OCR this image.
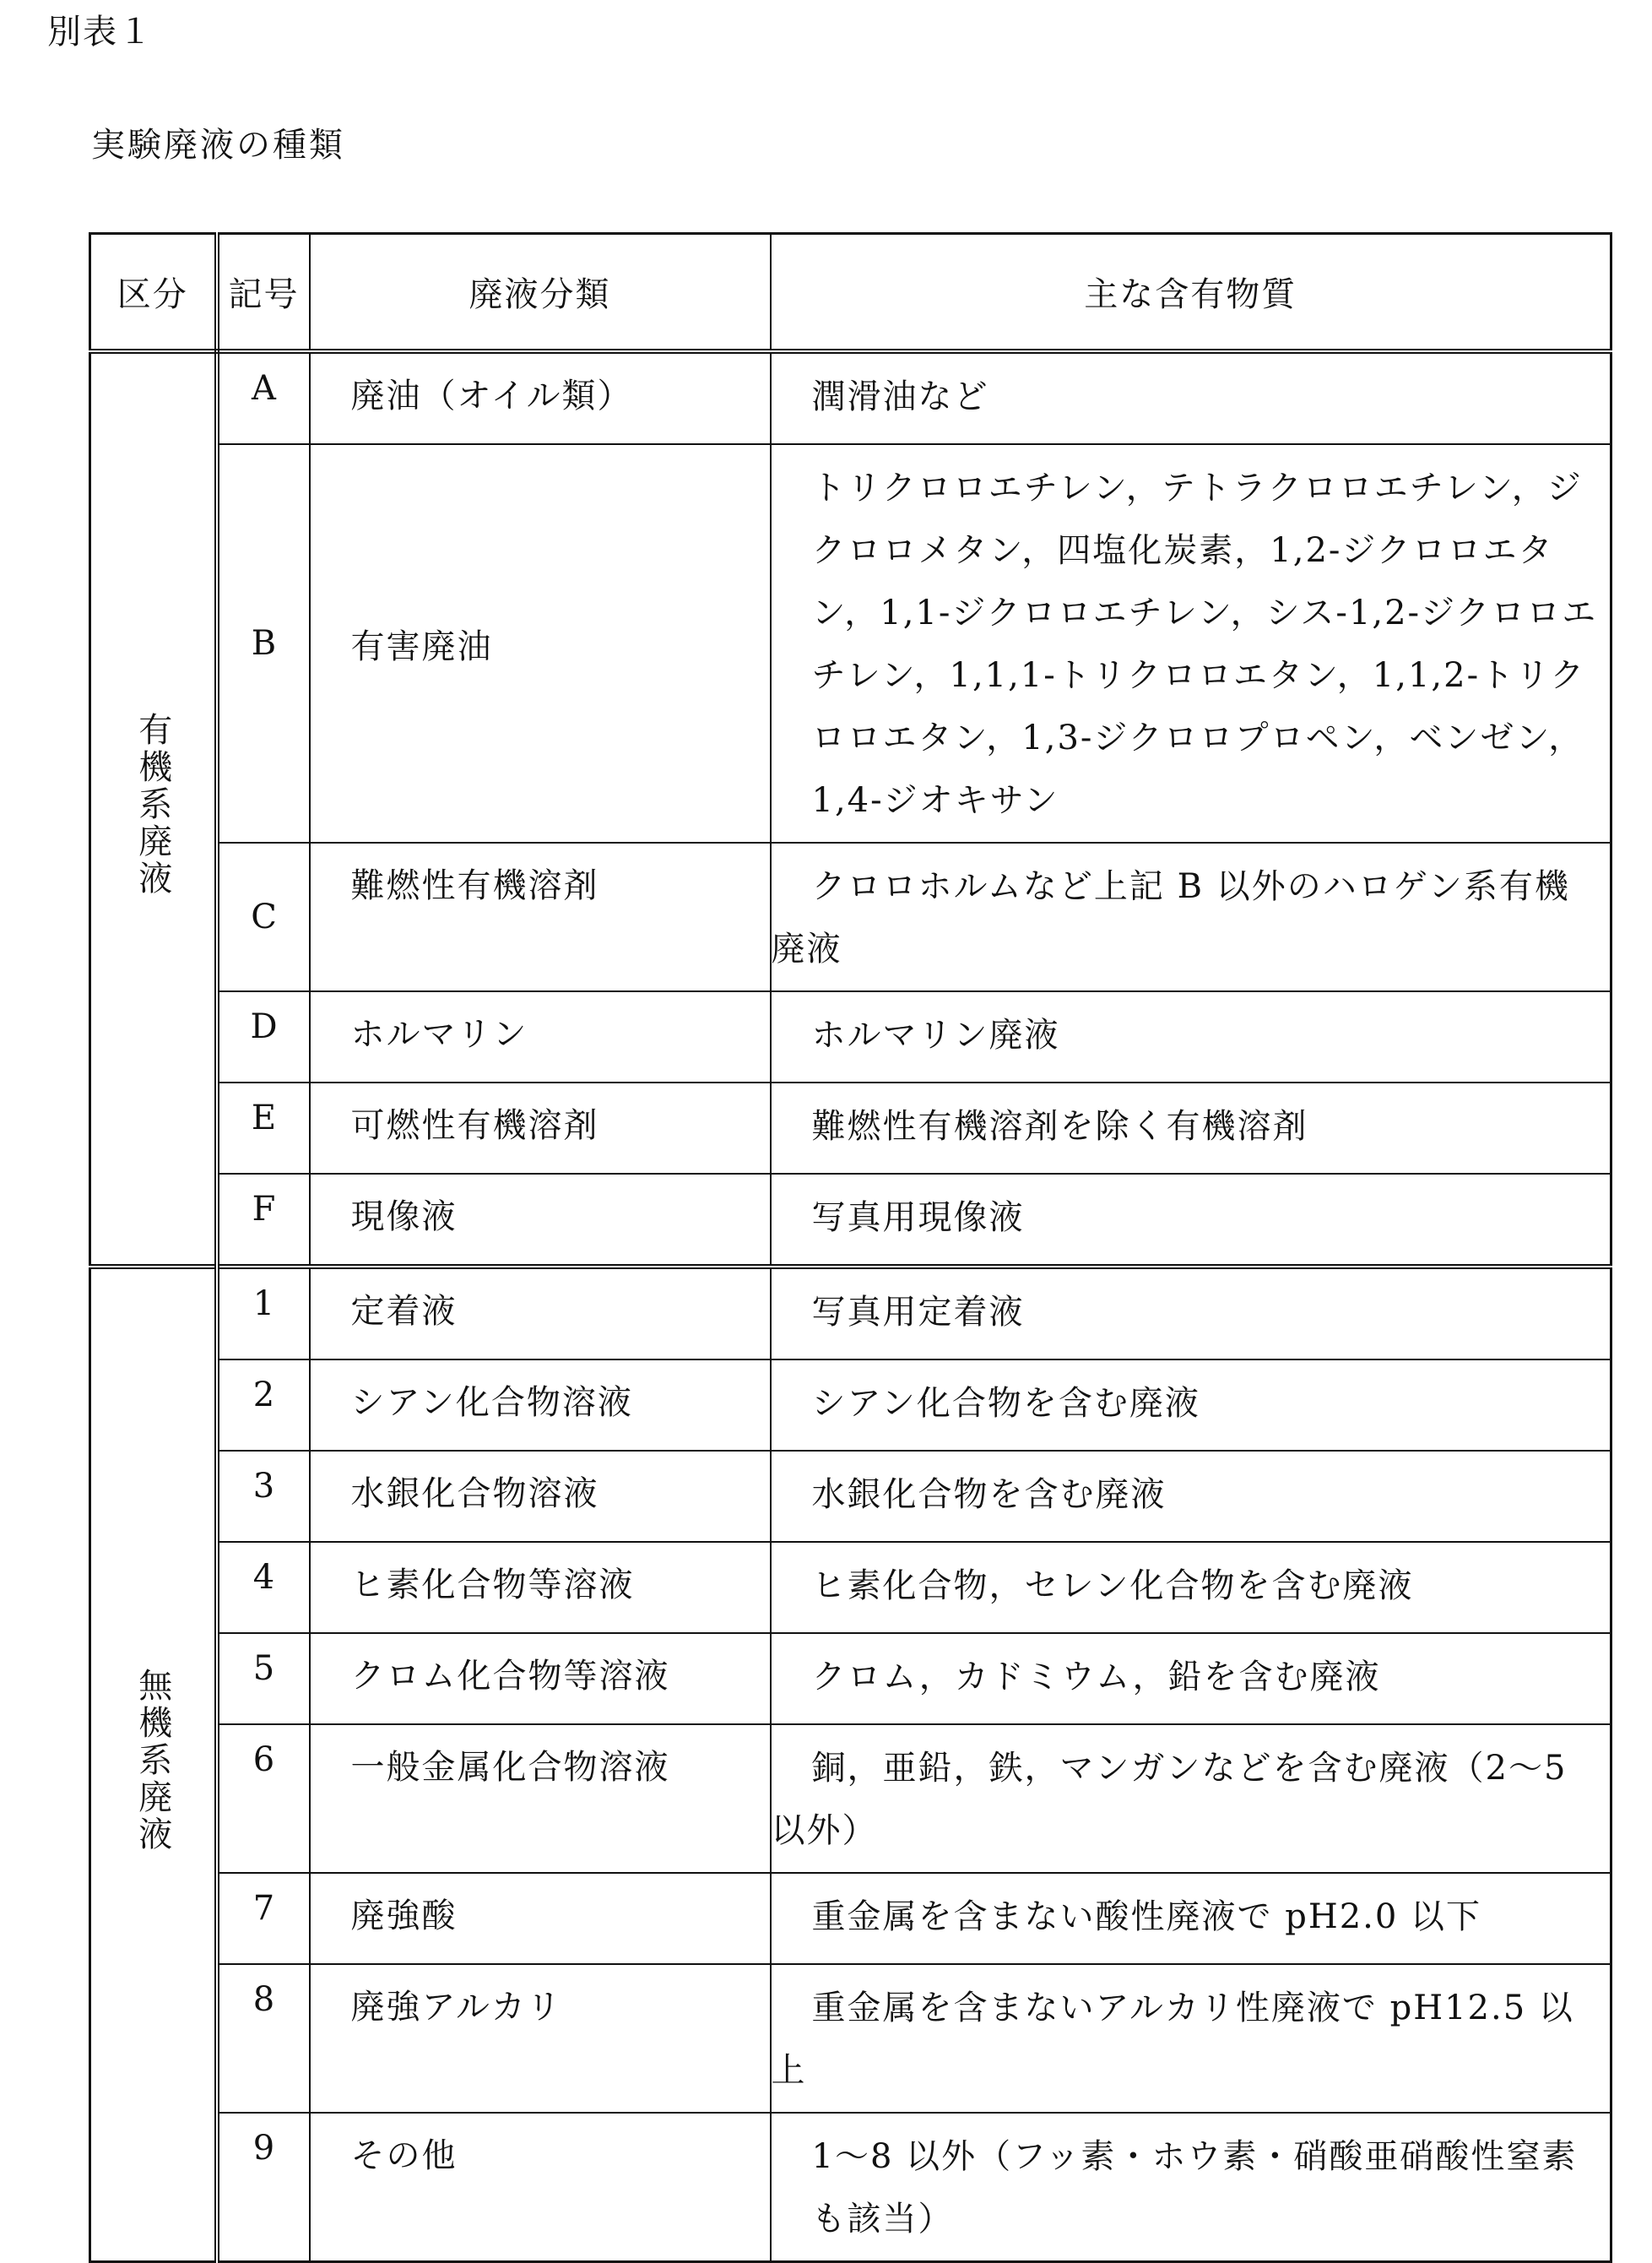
別表１
実験廃液の種類
区分	記号	廃液分類	主な含有物質
有機系廃液	A	廃油（オイル類）	潤滑油など

	B	有害廃油	トリクロロエチレン，テトラクロロエチレン，ジクロロメタン，四塩化炭素，1,2-ジクロロエタン，1,1-ジクロロエチレン，シス-1,2-ジクロロエチレン，1,1,1-トリクロロエタン，1,1,2-トリクロロエタン，1,3-ジクロロプロペン，ベンゼン，1,4-ジオキサン

	C	難燃性有機溶剤	クロロホルムなど上記 B 以外のハロゲン系有機廃液

	D	ホルマリン	ホルマリン廃液

	E	可燃性有機溶剤	難燃性有機溶剤を除く有機溶剤

	F	現像液	写真用現像液

無機系廃液	1	定着液	写真用定着液

	2	シアン化合物溶液	シアン化合物を含む廃液

	3	水銀化合物溶液	水銀化合物を含む廃液

	4	ヒ素化合物等溶液	ヒ素化合物，セレン化合物を含む廃液

	5	クロム化合物等溶液	クロム，カドミウム，鉛を含む廃液

	6	一般金属化合物溶液	銅，亜鉛，鉄，マンガンなどを含む廃液（2～5 以外）

	7	廃強酸	重金属を含まない酸性廃液で pH2.0 以下

	8	廃強アルカリ	重金属を含まないアルカリ性廃液で pH12.5 以上

	9	その他	1～8 以外（フッ素・ホウ素・硝酸亜硝酸性窒素も該当）
